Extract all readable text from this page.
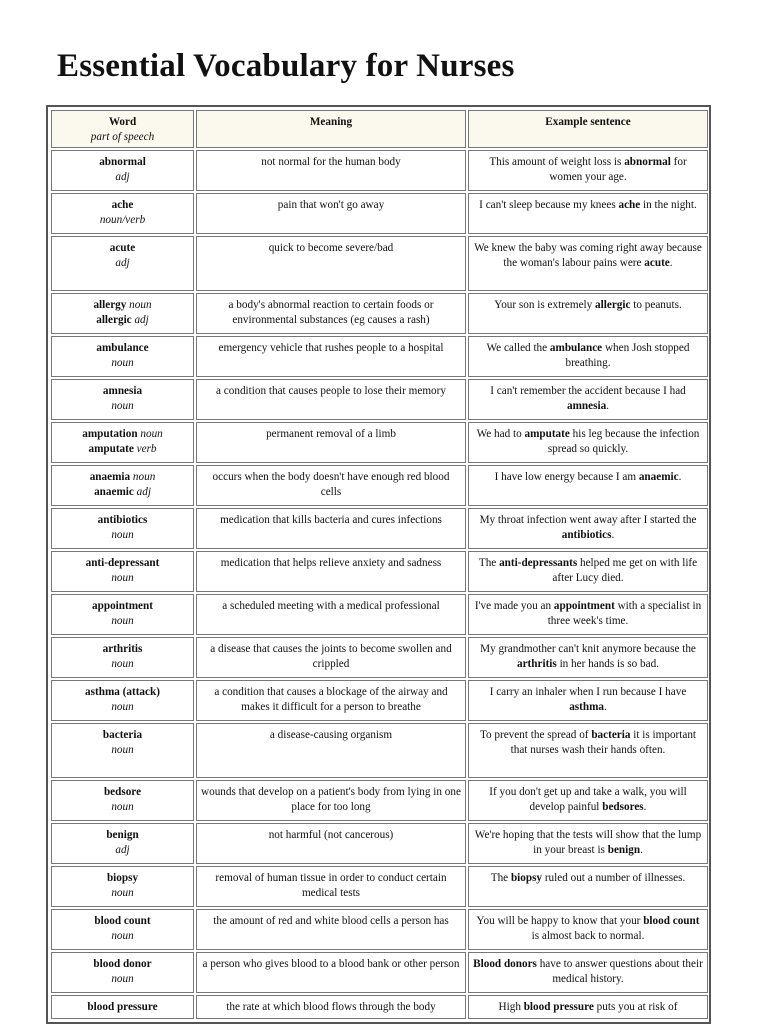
Essential Vocabulary for Nurses
Word
part of speech	Meaning	Example sentence

abnormal
adj	not normal for the human body	This amount of weight loss is abnormal for women your age.

ache
noun/verb	pain that won't go away	I can't sleep because my knees ache in the night.

acute
adj	quick to become severe/bad	We knew the baby was coming right away because the woman's labour pains were acute.

allergy noun
allergic adj	a body's abnormal reaction to certain foods or environmental substances (eg causes a rash)	Your son is extremely allergic to peanuts.

ambulance
noun	emergency vehicle that rushes people to a hospital	We called the ambulance when Josh stopped breathing.

amnesia
noun	a condition that causes people to lose their memory	I can't remember the accident because I had amnesia.

amputation noun
amputate verb	permanent removal of a limb	We had to amputate his leg because the infection spread so quickly.

anaemia noun
anaemic adj	occurs when the body doesn't have enough red blood cells	I have low energy because I am anaemic.

antibiotics
noun	medication that kills bacteria and cures infections	My throat infection went away after I started the antibiotics.

anti-depressant
noun	medication that helps relieve anxiety and sadness	The anti-depressants helped me get on with life after Lucy died.

appointment
noun	a scheduled meeting with a medical professional	I've made you an appointment with a specialist in three week's time.

arthritis
noun	a disease that causes the joints to become swollen and crippled	My grandmother can't knit anymore because the arthritis in her hands is so bad.

asthma (attack)
noun	a condition that causes a blockage of the airway and makes it difficult for a person to breathe	I carry an inhaler when I run because I have asthma.

bacteria
noun	a disease-causing organism	To prevent the spread of bacteria it is important that nurses wash their hands often.

bedsore
noun	wounds that develop on a patient's body from lying in one place for too long	If you don't get up and take a walk, you will develop painful bedsores.

benign
adj	not harmful (not cancerous)	We're hoping that the tests will show that the lump in your breast is benign.

biopsy
noun	removal of human tissue in order to conduct certain medical tests	The biopsy ruled out a number of illnesses.

blood count
noun	the amount of red and white blood cells a person has	You will be happy to know that your blood count is almost back to normal.

blood donor
noun	a person who gives blood to a blood bank or other person	Blood donors have to answer questions about their medical history.

blood pressure	the rate at which blood flows through the body	High blood pressure puts you at risk of
